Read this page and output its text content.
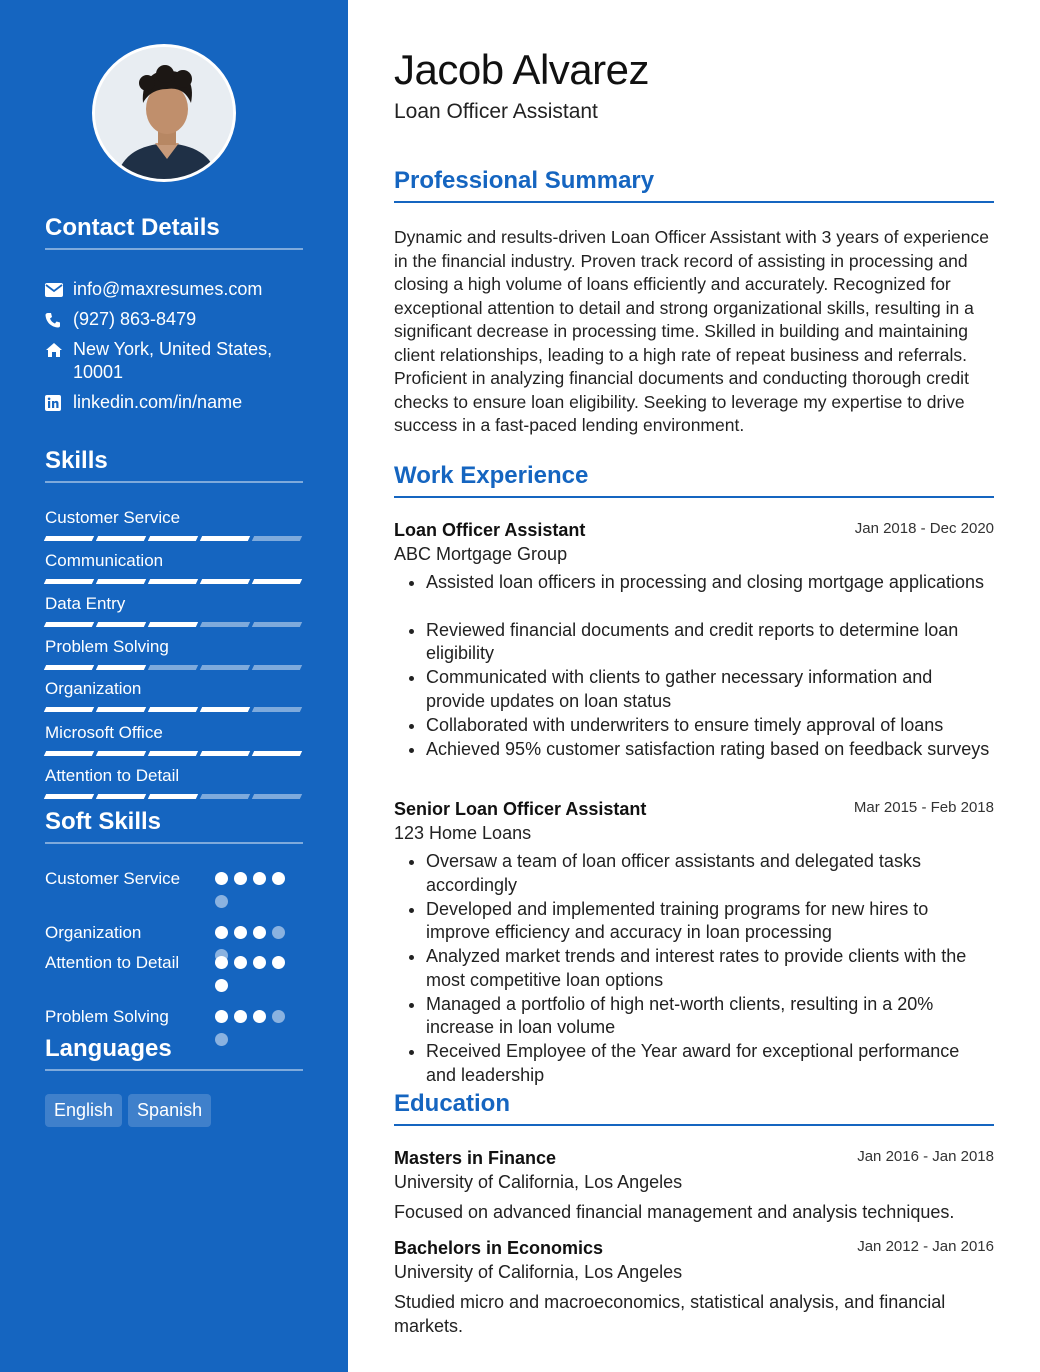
Contact Details
info@maxresumes.com
(927) 863-8479
New York, United States, 10001
linkedin.com/in/name
Skills
Customer Service
Communication
Data Entry
Problem Solving
Organization
Microsoft Office
Attention to Detail
Soft Skills
Customer Service
Organization
Attention to Detail
Problem Solving
Languages
English	Spanish
Jacob Alvarez
Loan Officer Assistant
Professional Summary
Dynamic and results-driven Loan Officer Assistant with 3 years of experience in the financial industry. Proven track record of assisting in processing and closing a high volume of loans efficiently and accurately. Recognized for exceptional attention to detail and strong organizational skills, resulting in a significant decrease in processing time. Skilled in building and maintaining client relationships, leading to a high rate of repeat business and referrals. Proficient in analyzing financial documents and conducting thorough credit checks to ensure loan eligibility. Seeking to leverage my expertise to drive success in a fast-paced lending environment.
Work Experience
Loan Officer Assistant	Jan 2018 - Dec 2020
ABC Mortgage Group
• Assisted loan officers in processing and closing mortgage applications
• Reviewed financial documents and credit reports to determine loan eligibility
• Communicated with clients to gather necessary information and provide updates on loan status
• Collaborated with underwriters to ensure timely approval of loans
• Achieved 95% customer satisfaction rating based on feedback surveys
Senior Loan Officer Assistant	Mar 2015 - Feb 2018
123 Home Loans
• Oversaw a team of loan officer assistants and delegated tasks accordingly
• Developed and implemented training programs for new hires to improve efficiency and accuracy in loan processing
• Analyzed market trends and interest rates to provide clients with the most competitive loan options
• Managed a portfolio of high net-worth clients, resulting in a 20% increase in loan volume
• Received Employee of the Year award for exceptional performance and leadership
Education
Masters in Finance	Jan 2016 - Jan 2018
University of California, Los Angeles
Focused on advanced financial management and analysis techniques.
Bachelors in Economics	Jan 2012 - Jan 2016
University of California, Los Angeles
Studied micro and macroeconomics, statistical analysis, and financial markets.
